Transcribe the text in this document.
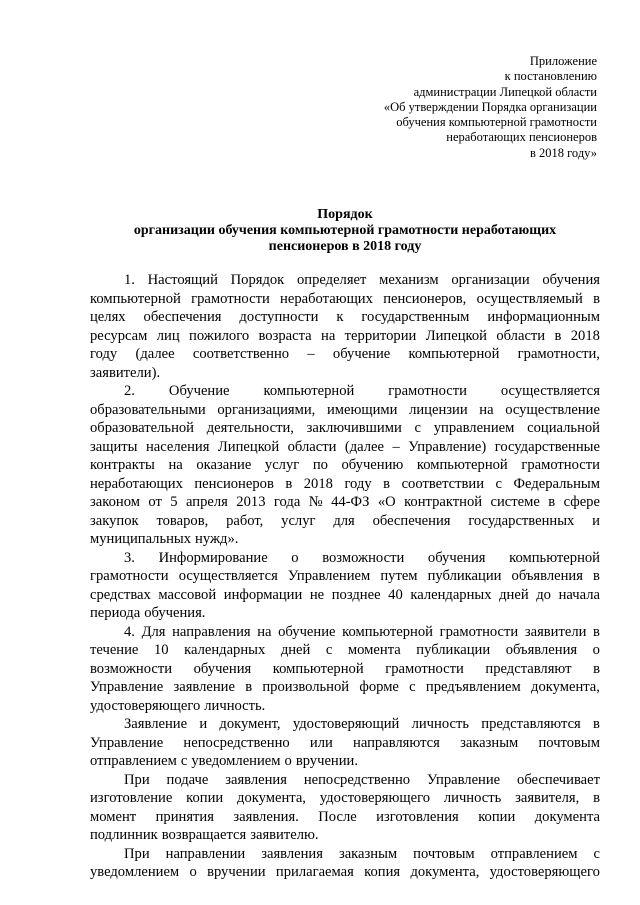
Приложение
к постановлению
администрации Липецкой области
«Об утверждении Порядка организации
обучения компьютерной грамотности
неработающих пенсионеров
в 2018 году»
Порядок
организации обучения компьютерной грамотности неработающих
пенсионеров в 2018 году
1. Настоящий Порядок определяет механизм организации обучения
компьютерной грамотности неработающих пенсионеров, осуществляемый в
целях обеспечения доступности к государственным информационным
ресурсам лиц пожилого возраста на территории Липецкой области в 2018
году (далее соответственно – обучение компьютерной грамотности,
заявители).
2. Обучение компьютерной грамотности осуществляется
образовательными организациями, имеющими лицензии на осуществление
образовательной деятельности, заключившими с управлением социальной
защиты населения Липецкой области (далее – Управление) государственные
контракты на оказание услуг по обучению компьютерной грамотности
неработающих пенсионеров в 2018 году в соответствии с Федеральным
законом от 5 апреля 2013 года № 44-ФЗ «О контрактной системе в сфере
закупок товаров, работ, услуг для обеспечения государственных и
муниципальных нужд».
3. Информирование о возможности обучения компьютерной
грамотности осуществляется Управлением путем публикации объявления в
средствах массовой информации не позднее 40 календарных дней до начала
периода обучения.
4. Для направления на обучение компьютерной грамотности заявители в
течение 10 календарных дней с момента публикации объявления о
возможности обучения компьютерной грамотности представляют в
Управление заявление в произвольной форме с предъявлением документа,
удостоверяющего личность.
Заявление и документ, удостоверяющий личность представляются в
Управление непосредственно или направляются заказным почтовым
отправлением с уведомлением о вручении.
При подаче заявления непосредственно Управление обеспечивает
изготовление копии документа, удостоверяющего личность заявителя, в
момент принятия заявления. После изготовления копии документа
подлинник возвращается заявителю.
При направлении заявления заказным почтовым отправлением с
уведомлением о вручении прилагаемая копия документа, удостоверяющего
